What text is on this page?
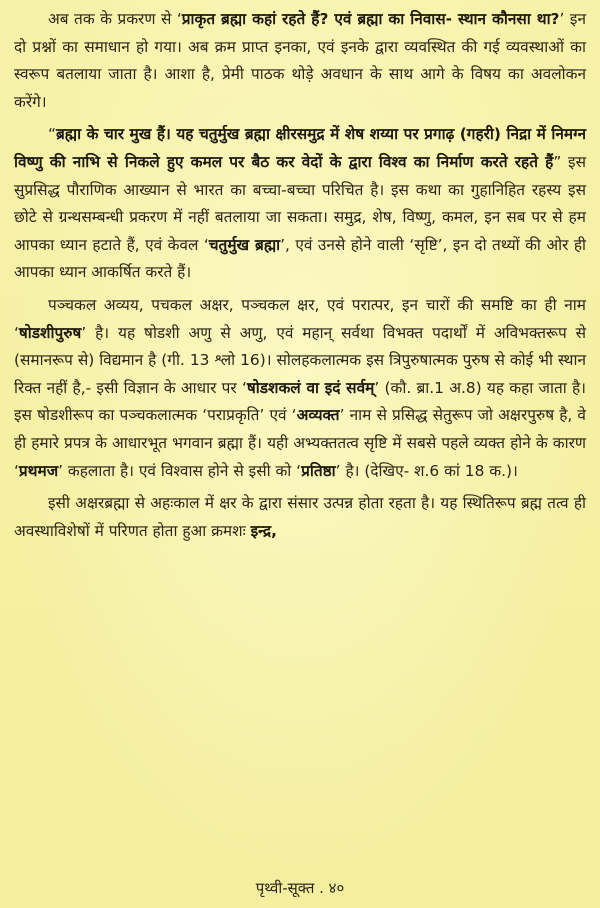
अब तक के प्रकरण से ‘प्राकृत ब्रह्मा कहां रहते हैं? एवं ब्रह्मा का निवास- स्थान कौनसा था?’ इन दो प्रश्नों का समाधान हो गया। अब क्रम प्राप्त इनका, एवं इनके द्वारा व्यवस्थित की गई व्यवस्थाओं का स्वरूप बतलाया जाता है। आशा है, प्रेमी पाठक थोड़े अवधान के साथ आगे के विषय का अवलोकन करेंगे।

“ब्रह्मा के चार मुख हैं। यह चतुर्मुख ब्रह्मा क्षीरसमुद्र में शेष शय्या पर प्रगाढ़ (गहरी) निद्रा में निमग्न विष्णु की नाभि से निकले हुए कमल पर बैठ कर वेदों के द्वारा विश्व का निर्माण करते रहते हैं” इस सुप्रसिद्ध पौराणिक आख्यान से भारत का बच्चा-बच्चा परिचित है। इस कथा का गुहानिहित रहस्य इस छोटे से ग्रन्थसम्बन्धी प्रकरण में नहीं बतलाया जा सकता। समुद्र, शेष, विष्णु, कमल, इन सब पर से हम आपका ध्यान हटाते हैं, एवं केवल ‘चतुर्मुख ब्रह्मा’, एवं उनसे होने वाली ‘सृष्टि’, इन दो तथ्यों की ओर ही आपका ध्यान आकर्षित करते हैं।

पञ्चकल अव्यय, पचकल अक्षर, पञ्चकल क्षर, एवं परात्पर, इन चारों की समष्टि का ही नाम ‘षोडशीपुरुष’ है। यह षोडशी अणु से अणु, एवं महान् सर्वथा विभक्त पदार्थों में अविभक्तरूप से (समानरूप से) विद्यमान है (गी. 13 श्लो 16)। सोलहकलात्मक इस त्रिपुरुषात्मक पुरुष से कोई भी स्थान रिक्त नहीं है,- इसी विज्ञान के आधार पर ‘षोडशकलं वा इदं सर्वम्’ (कौ. ब्रा.1 अ.8) यह कहा जाता है। इस षोडशीरूप का पञ्चकलात्मक ‘पराप्रकृति’ एवं ‘अव्यक्त’ नाम से प्रसिद्ध सेतुरूप जो अक्षरपुरुष है, वे ही हमारे प्रपत्र के आधारभूत भगवान ब्रह्मा हैं। यही अभ्यक्ततत्व सृष्टि में सबसे पहले व्यक्त होने के कारण ‘प्रथमज’ कहलाता है। एवं विश्वास होने से इसी को ‘प्रतिष्ठा’ है। (देखिए- श.6 कां 18 क.)।

इसी अक्षरब्रह्मा से अहःकाल में क्षर के द्वारा संसार उत्पन्न होता रहता है। यह स्थितिरूप ब्रह्म तत्व ही अवस्थाविशेषों में परिणत होता हुआ क्रमशः इन्द्र,

पृथ्वी-सूक्त . ४०
